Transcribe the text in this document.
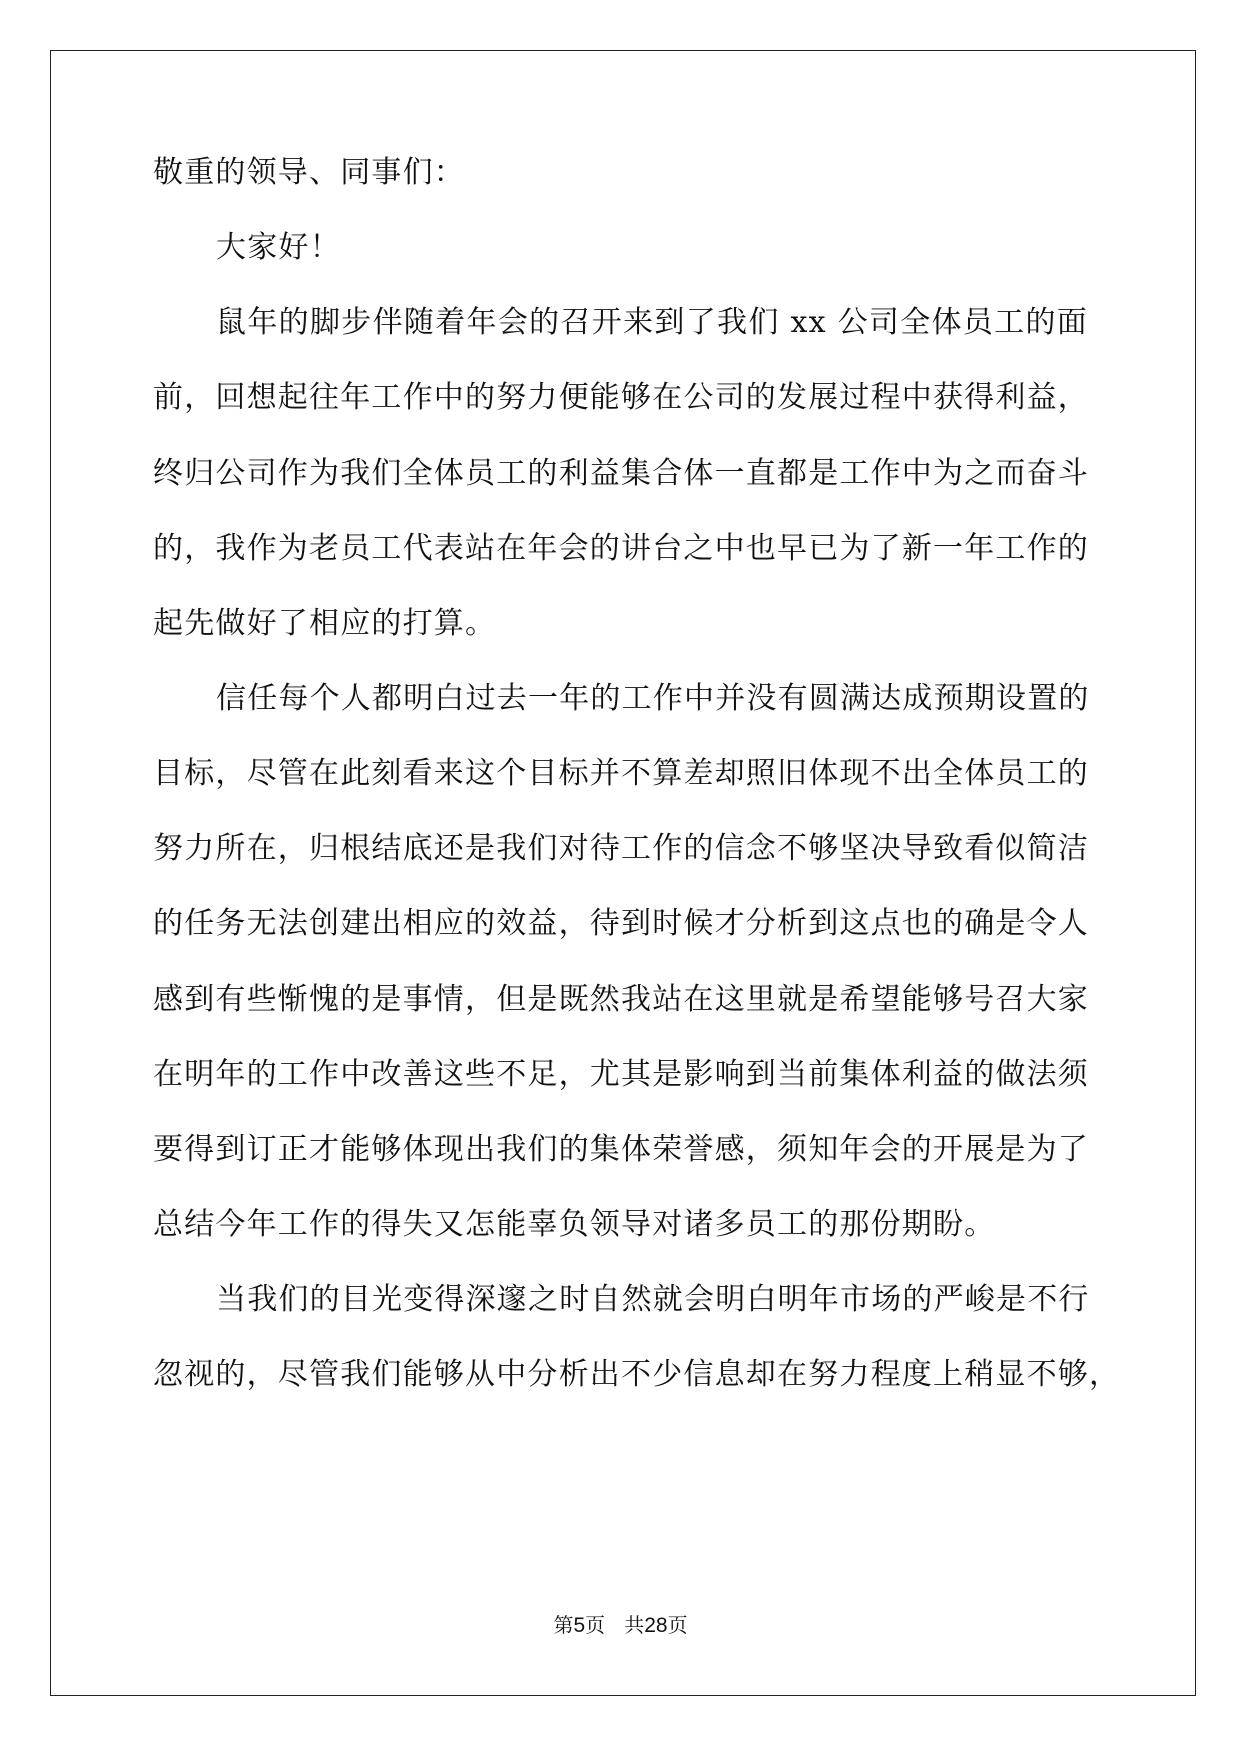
敬重的领导、同事们：
大家好！
鼠年的脚步伴随着年会的召开来到了我们 xx 公司全体员工的面
前，回想起往年工作中的努力便能够在公司的发展过程中获得利益，
终归公司作为我们全体员工的利益集合体一直都是工作中为之而奋斗
的，我作为老员工代表站在年会的讲台之中也早已为了新一年工作的
起先做好了相应的打算。
信任每个人都明白过去一年的工作中并没有圆满达成预期设置的
目标，尽管在此刻看来这个目标并不算差却照旧体现不出全体员工的
努力所在，归根结底还是我们对待工作的信念不够坚决导致看似简洁
的任务无法创建出相应的效益，待到时候才分析到这点也的确是令人
感到有些惭愧的是事情，但是既然我站在这里就是希望能够号召大家
在明年的工作中改善这些不足，尤其是影响到当前集体利益的做法须
要得到订正才能够体现出我们的集体荣誉感，须知年会的开展是为了
总结今年工作的得失又怎能辜负领导对诸多员工的那份期盼。
当我们的目光变得深邃之时自然就会明白明年市场的严峻是不行
忽视的，尽管我们能够从中分析出不少信息却在努力程度上稍显不够，
第5页 共28页
